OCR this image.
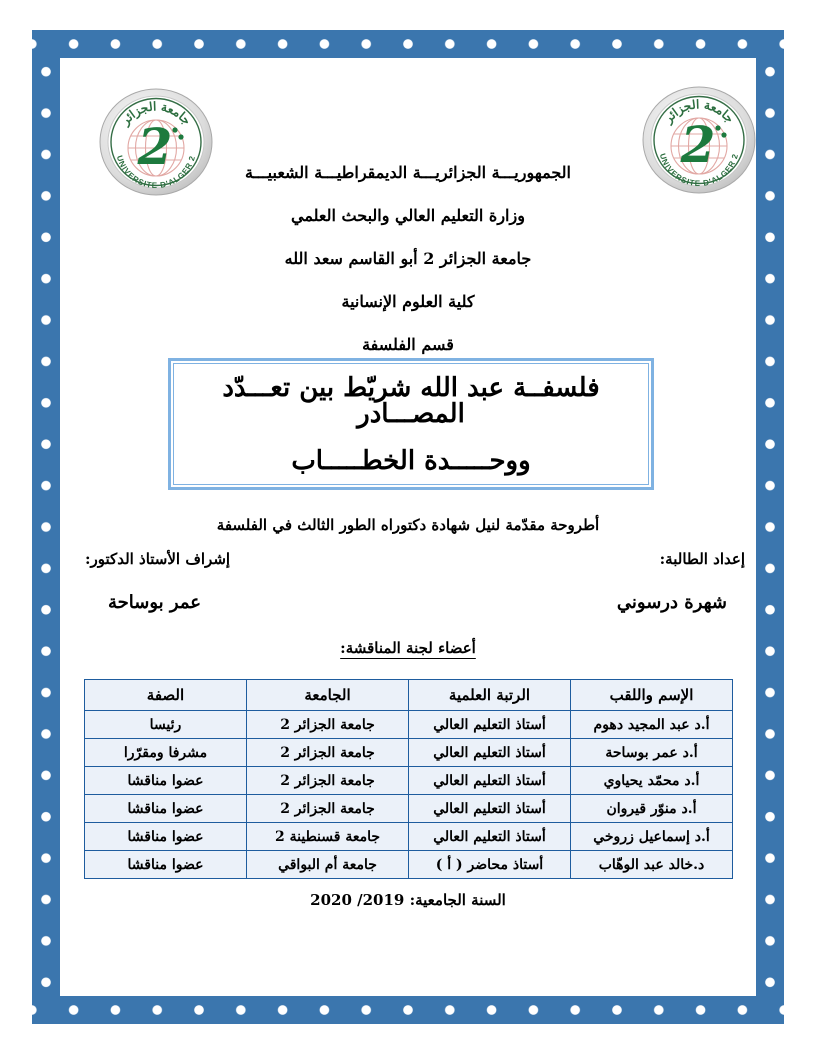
2
جامعة الجزائر
UNIVERSITE D'ALGER 2	2
جامعة الجزائر
UNIVERSITE D'ALGER 2
الجمهوريـــة الجزائريـــة الديمقراطيـــة الشعبيـــة
وزارة التعليم العالي والبحث العلمي
جامعة الجزائر 2 أبو القاسم سعد الله
كلية العلوم الإنسانية
قسم الفلسفة
فلسفــة عبد الله شريّط بين تعـــدّد المصـــادر
ووحـــــدة الخطـــــاب
أطروحة مقدّمة لنيل شهادة دكتوراه الطور الثالث في الفلسفة
إعداد الطالبة:
شهرة درسوني
إشراف الأستاذ الدكتور:
عمر بوساحة
أعضاء لجنة المناقشة:
الإسم واللقب	الرتبة العلمية	الجامعة	الصفة
أ.د عبد المجيد دهوم	أستاذ التعليم العالي	جامعة الجزائر 2	رئيسا
أ.د عمر بوساحة	أستاذ التعليم العالي	جامعة الجزائر 2	مشرفا ومقرّرا
أ.د محمّد يحياوي	أستاذ التعليم العالي	جامعة الجزائر 2	عضوا مناقشا
أ.د منوّر قيروان	أستاذ التعليم العالي	جامعة الجزائر 2	عضوا مناقشا
أ.د إسماعيل زروخي	أستاذ التعليم العالي	جامعة قسنطينة 2	عضوا مناقشا
د.خالد عبد الوهّاب	أستاذ محاضر ( أ )	جامعة أم البواقي	عضوا مناقشا
السنة الجامعية: 2019/ 2020
